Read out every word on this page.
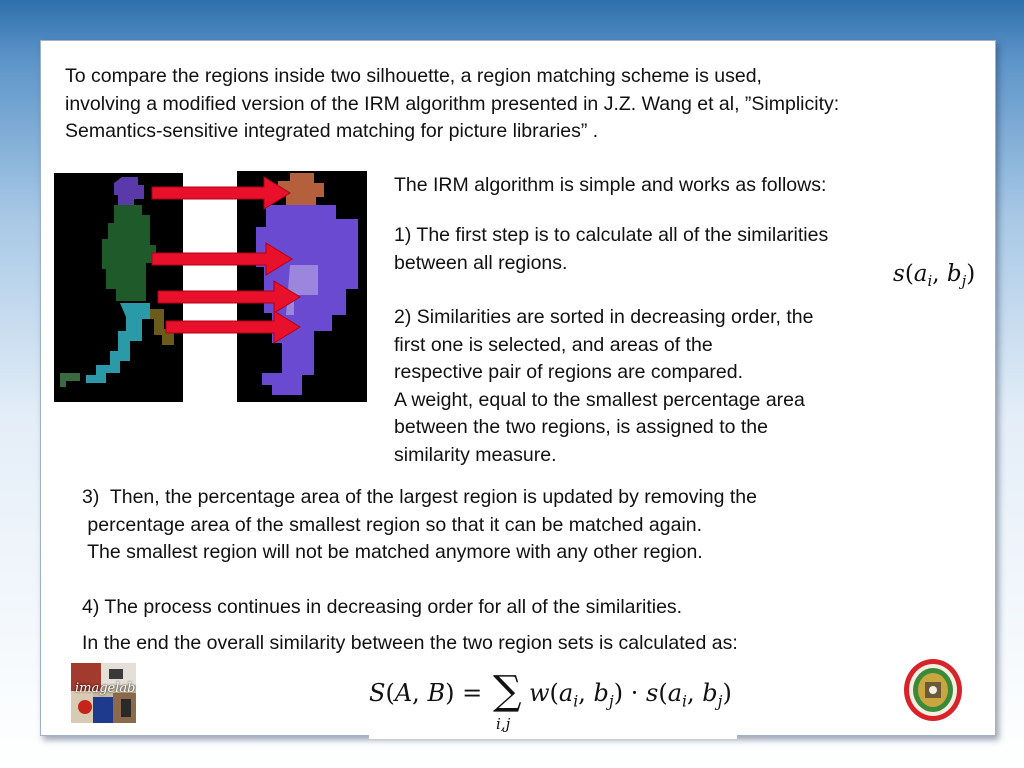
To compare the regions inside two silhouette, a region matching scheme is used,

involving a modified version of the IRM algorithm presented in J.Z. Wang et al, ”Simplicity:

Semantics-sensitive integrated matching for picture libraries” .

The IRM algorithm is simple and works as follows:

1) The first step is to calculate all of the similarities

between all regions.	$s(a_i$, $b_j$)

2) Similarities are sorted in decreasing order, the

first one is selected, and areas of the

respective pair of regions are compared.

A weight, equal to the smallest percentage area

between the two regions, is assigned to the

similarity measure.

3)  Then, the percentage area of the largest region is updated by removing the

percentage area of the smallest region so that it can be matched again.

The smallest region will not be matched anymore with any other region.

4) The process continues in decreasing order for all of the similarities.

In the end the overall similarity between the two region sets is calculated as:

imagelab	S(A, B) = ∑
i,j
$w(a_i$, $b_j) \cdot s(a_i$, $b_j$)
